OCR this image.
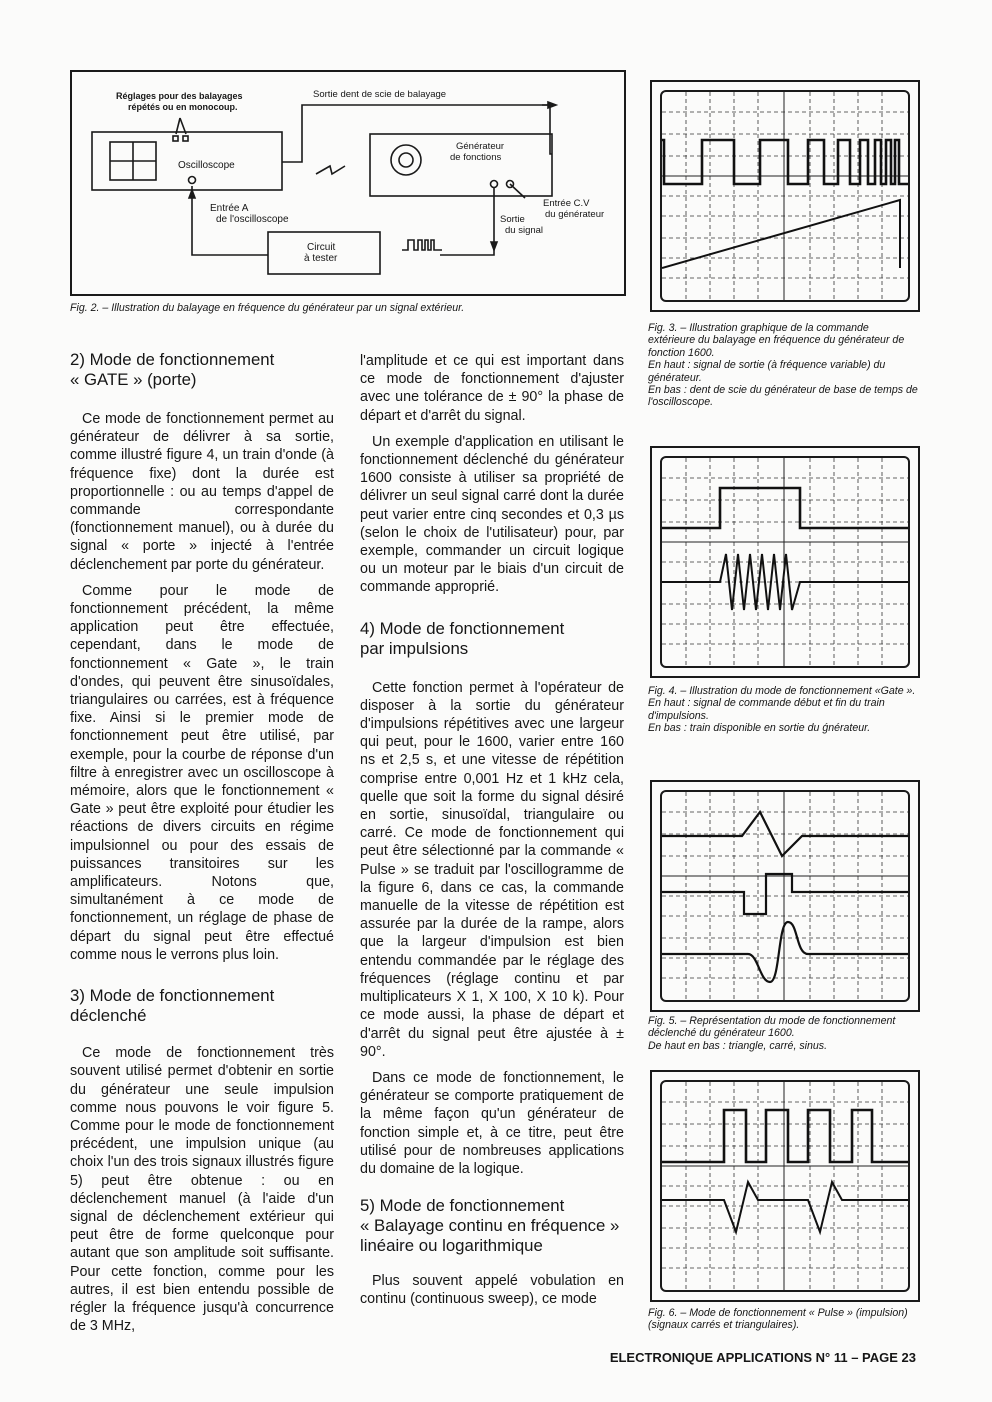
Réglages pour des balayages
répétés ou en monocoup.
Sortie dent de scie de balayage
Oscilloscope
Générateur
de fonctions
Entrée A
de l'oscilloscope
Entrée C.V
du générateur
Sortie
du signal
Circuit
à tester

Fig. 2. – Illustration du balayage en fréquence du générateur par un signal extérieur.

Fig. 3. – Illustration graphique de la commande extérieure du balayage en fréquence du générateur de fonction 1600.

En haut : signal de sortie (à fréquence variable) du générateur.

En bas : dent de scie du générateur de base de temps de l'oscilloscope.

Fig. 4. – Illustration du mode de fonctionnement «Gate ».

En haut : signal de commande début et fin du train d'impulsions.

En bas : train disponible en sortie du ǵnérateur.

Fig. 5. – Représentation du mode de fonctionnement déclenché du générateur 1600.

De haut en bas : triangle, carré, sinus.

Fig. 6. – Mode de fonctionnement « Pulse » (impulsion) (signaux carrés et triangulaires).

2) Mode de fonctionnement
« GATE » (porte)

Ce mode de fonctionnement permet au générateur de délivrer à sa sortie, comme illustré figure 4, un train d'onde (à fréquence fixe) dont la durée est proportionnelle : ou au temps d'appel de commande correspondante (fonctionnement manuel), ou à durée du signal « porte » injecté à l'entrée déclenchement par porte du générateur.

Comme pour le mode de fonctionnement précédent, la même application peut être effectuée, cependant, dans le mode de fonctionnement « Gate », le train d'ondes, qui peuvent être sinusoïdales, triangulaires ou carrées, est à fréquence fixe. Ainsi si le premier mode de fonctionnement peut être utilisé, par exemple, pour la courbe de réponse d'un filtre à enregistrer avec un oscilloscope à mémoire, alors que le fonctionnement « Gate » peut être exploité pour étudier les réactions de divers circuits en régime impulsionnel ou pour des essais de puissances transitoires sur les amplificateurs. Notons que, simultanément à ce mode de fonctionnement, un réglage de phase de départ du signal peut être effectué comme nous le verrons plus loin.

3) Mode de fonctionnement
déclenché

Ce mode de fonctionnement très souvent utilisé permet d'obtenir en sortie du générateur une seule impulsion comme nous pouvons le voir figure 5. Comme pour le mode de fonctionnement précédent, une impulsion unique (au choix l'un des trois signaux illustrés figure 5) peut être obtenue : ou en déclenchement manuel (à l'aide d'un signal de déclenchement extérieur qui peut être de forme quelconque pour autant que son amplitude soit suffisante. Pour cette fonction, comme pour les autres, il est bien entendu possible de régler la fréquence jusqu'à concurrence de 3 MHz,

l'amplitude et ce qui est important dans ce mode de fonctionnement d'ajuster avec une tolérance de ± 90° la phase de départ et d'arrêt du signal.

Un exemple d'application en utilisant le fonctionnement déclenché du générateur 1600 consiste à utiliser sa propriété de délivrer un seul signal carré dont la durée peut varier entre cinq secondes et 0,3 µs (selon le choix de l'utilisateur) pour, par exemple, commander un circuit logique ou un moteur par le biais d'un circuit de commande approprié.

4) Mode de fonctionnement
par impulsions

Cette fonction permet à l'opérateur de disposer à la sortie du générateur d'impulsions répétitives avec une largeur qui peut, pour le 1600, varier entre 160 ns et 2,5 s, et une vitesse de répétition comprise entre 0,001 Hz et 1 kHz cela, quelle que soit la forme du signal désiré en sortie, sinusoïdal, triangulaire ou carré. Ce mode de fonctionnement qui peut être sélectionné par la commande « Pulse » se traduit par l'oscillogramme de la figure 6, dans ce cas, la commande manuelle de la vitesse de répétition est assurée par la durée de la rampe, alors que la largeur d'impulsion est bien entendu commandée par le réglage des fréquences (réglage continu et par multiplicateurs X 1, X 100, X 10 k). Pour ce mode aussi, la phase de départ et d'arrêt du signal peut être ajustée à ± 90°.

Dans ce mode de fonctionnement, le générateur se comporte pratiquement de la même façon qu'un générateur de fonction simple et, à ce titre, peut être utilisé pour de nombreuses applications du domaine de la logique.

5) Mode de fonctionnement
« Balayage continu en fréquence »
linéaire ou logarithmique

Plus souvent appelé vobulation en continu (continuous sweep), ce mode

ELECTRONIQUE APPLICATIONS N° 11 – PAGE 23
